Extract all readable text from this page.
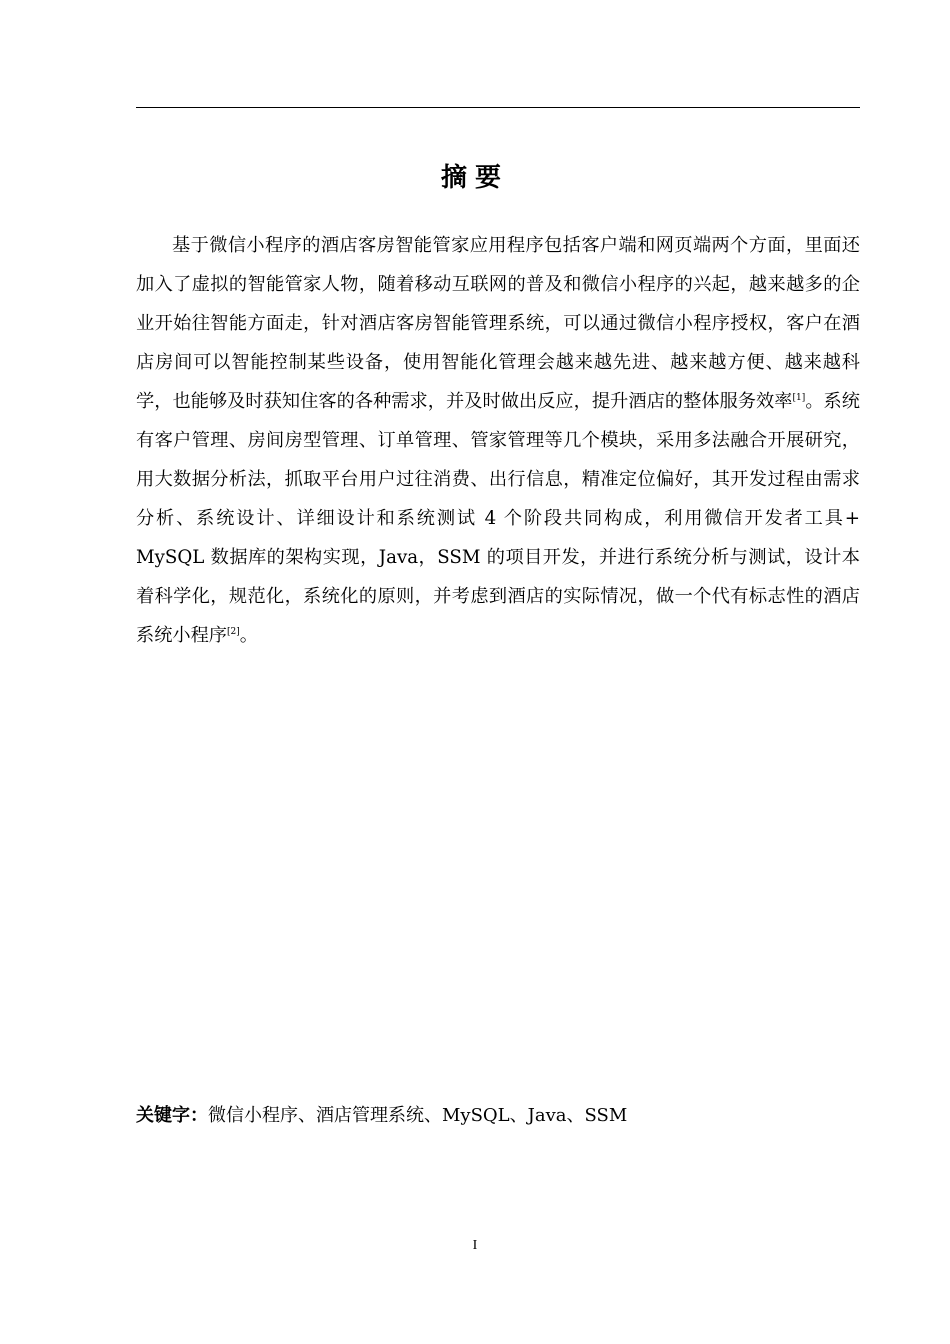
摘要

基于微信小程序的酒店客房智能管家应用程序包括客户端和网页端两个方面，里面还加入了虚拟的智能管家人物，随着移动互联网的普及和微信小程序的兴起，越来越多的企业开始往智能方面走，针对酒店客房智能管理系统，可以通过微信小程序授权，客户在酒店房间可以智能控制某些设备，使用智能化管理会越来越先进、越来越方便、越来越科学，也能够及时获知住客的各种需求，并及时做出反应，提升酒店的整体服务效率[1]。系统有客户管理、房间房型管理、订单管理、管家管理等几个模块，采用多法融合开展研究，用大数据分析法，抓取平台用户过往消费、出行信息，精准定位偏好，其开发过程由需求分析、系统设计、详细设计和系统测试 4 个阶段共同构成，利用微信开发者工具+ MySQL 数据库的架构实现，Java，SSM 的项目开发，并进行系统分析与测试，设计本着科学化，规范化，系统化的原则，并考虑到酒店的实际情况，做一个代有标志性的酒店系统小程序[2]。

关键字：微信小程序、酒店管理系统、MySQL、Java、SSM
I
